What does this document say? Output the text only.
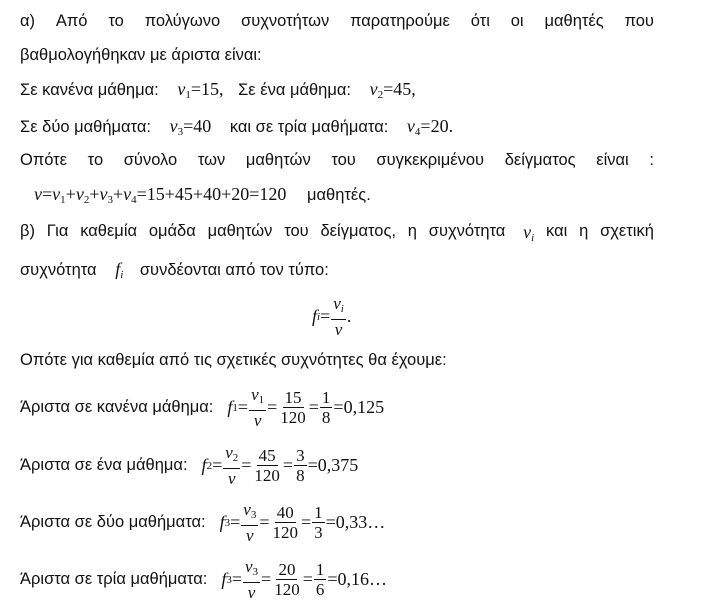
α) Από το πολύγωνο συχνοτήτων παρατηρούμε ότι οι μαθητές που
βαθμολογήθηκαν με άριστα είναι:
Σε κανένα μάθημα: $v_1=15$, Σε ένα μάθημα: $v_2=45$,
Σε δύο μαθήματα: $v_3=40$ και σε τρία μαθήματα: $v_4=20$.
Οπότε το σύνολο των μαθητών του συγκεκριμένου δείγματος είναι :
$v=v_1+v_2+v_3+v_4=15+45+40+20=120$ μαθητές.
β) Για καθεμία ομάδα μαθητών του δείγματος, η συχνότητα $v_i$ και η σχετική
συχνότητα $f_i$ συνδέονται από τον τύπο:
f $i = \frac{v_i}{v}$ .
Οπότε για καθεμία από τις σχετικές συχνότητες θα έχουμε:
Άριστα σε κανένα μάθημα: f $1 = \frac{v_1}{v} = \frac{15}{120} = \frac{1}{8} =0,125$
Άριστα σε ένα μάθημα: f $2 = \frac{v_2}{v} = \frac{45}{120} = \frac{3}{8} =0,375$
Άριστα σε δύο μαθήματα: f $3 = \frac{v_3}{v} = \frac{40}{120} = \frac{1}{3}$ =0,33…
Άριστα σε τρία μαθήματα: f $3 = \frac{v_3}{v} = \frac{20}{120} = \frac{1}{6}$ =0,16…
